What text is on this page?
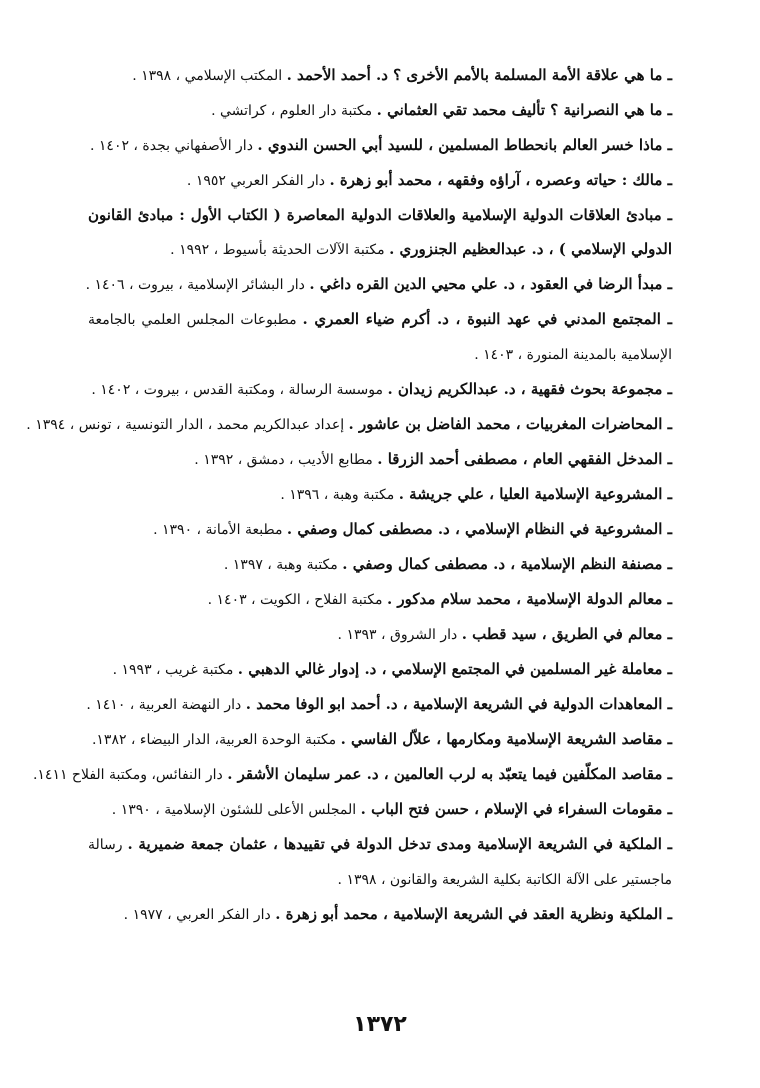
ـ ما هي علاقة الأمة المسلمة بالأمم الأخرى ؟ د. أحمد الأحمد . المكتب الإسلامي ، ١٣٩٨ .

ـ ما هي النصرانية ؟ تأليف محمد تقي العثماني . مكتبة دار العلوم ، كراتشي .

ـ ماذا خسر العالم بانحطاط المسلمين ، للسيد أبي الحسن الندوي . دار الأصفهاني بجدة ، ١٤٠٢ .

ـ مالك : حياته وعصره ، آراؤه وفقهه ، محمد أبو زهرة . دار الفكر العربي ١٩٥٢ .

ـ مبادئ العلاقات الدولية الإسلامية والعلاقات الدولية المعاصرة ( الكتاب الأول : مبادئ القانون الدولي الإسلامي ) ، د. عبدالعظيم الجنزوري . مكتبة الآلات الحديثة بأسيوط ، ١٩٩٢ .

ـ مبدأ الرضا في العقود ، د. علي محيي الدين القره داغي . دار البشائر الإسلامية ، بيروت ، ١٤٠٦ .

ـ المجتمع المدني في عهد النبوة ، د. أكرم ضياء العمري . مطبوعات المجلس العلمي بالجامعة الإسلامية بالمدينة المنورة ، ١٤٠٣ .

ـ مجموعة بحوث فقهية ، د. عبدالكريم زيدان . موسسة الرسالة ، ومكتبة القدس ، بيروت ، ١٤٠٢ .

ـ المحاضرات المغربيات ، محمد الفاضل بن عاشور . إعداد عبدالكريم محمد ، الدار التونسية ، تونس ، ١٣٩٤ .

ـ المدخل الفقهي العام ، مصطفى أحمد الزرقا . مطابع الأديب ، دمشق ، ١٣٩٢ .

ـ المشروعية الإسلامية العليا ، علي جريشة . مكتبة وهبة ، ١٣٩٦ .

ـ المشروعية في النظام الإسلامي ، د. مصطفى كمال وصفي . مطبعة الأمانة ، ١٣٩٠ .

ـ مصنفة النظم الإسلامية ، د. مصطفى كمال وصفي . مكتبة وهبة ، ١٣٩٧ .

ـ معالم الدولة الإسلامية ، محمد سلام مدكور . مكتبة الفلاح ، الكويت ، ١٤٠٣ .

ـ معالم في الطريق ، سيد قطب . دار الشروق ، ١٣٩٣ .

ـ معاملة غير المسلمين في المجتمع الإسلامي ، د. إدوار غالي الدهبي . مكتبة غريب ، ١٩٩٣ .

ـ المعاهدات الدولية في الشريعة الإسلامية ، د. أحمد ابو الوفا محمد . دار النهضة العربية ، ١٤١٠ .

ـ مقاصد الشريعة الإسلامية ومكارمها ، علاّل الفاسي . مكتبة الوحدة العربية، الدار البيضاء ، ١٣٨٢.

ـ مقاصد المكلّفين فيما يتعبّد به لرب العالمين ، د. عمر سليمان الأشقر . دار النفائس، ومكتبة الفلاح ١٤١١.

ـ مقومات السفراء في الإسلام ، حسن فتح الباب . المجلس الأعلى للشئون الإسلامية ، ١٣٩٠ .

ـ الملكية في الشريعة الإسلامية ومدى تدخل الدولة في تقييدها ، عثمان جمعة ضميرية . رسالة ماجستير على الآلة الكاتبة بكلية الشريعة والقانون ، ١٣٩٨ .

ـ الملكية ونظرية العقد في الشريعة الإسلامية ، محمد أبو زهرة . دار الفكر العربي ، ١٩٧٧ .

١٣٧٢
